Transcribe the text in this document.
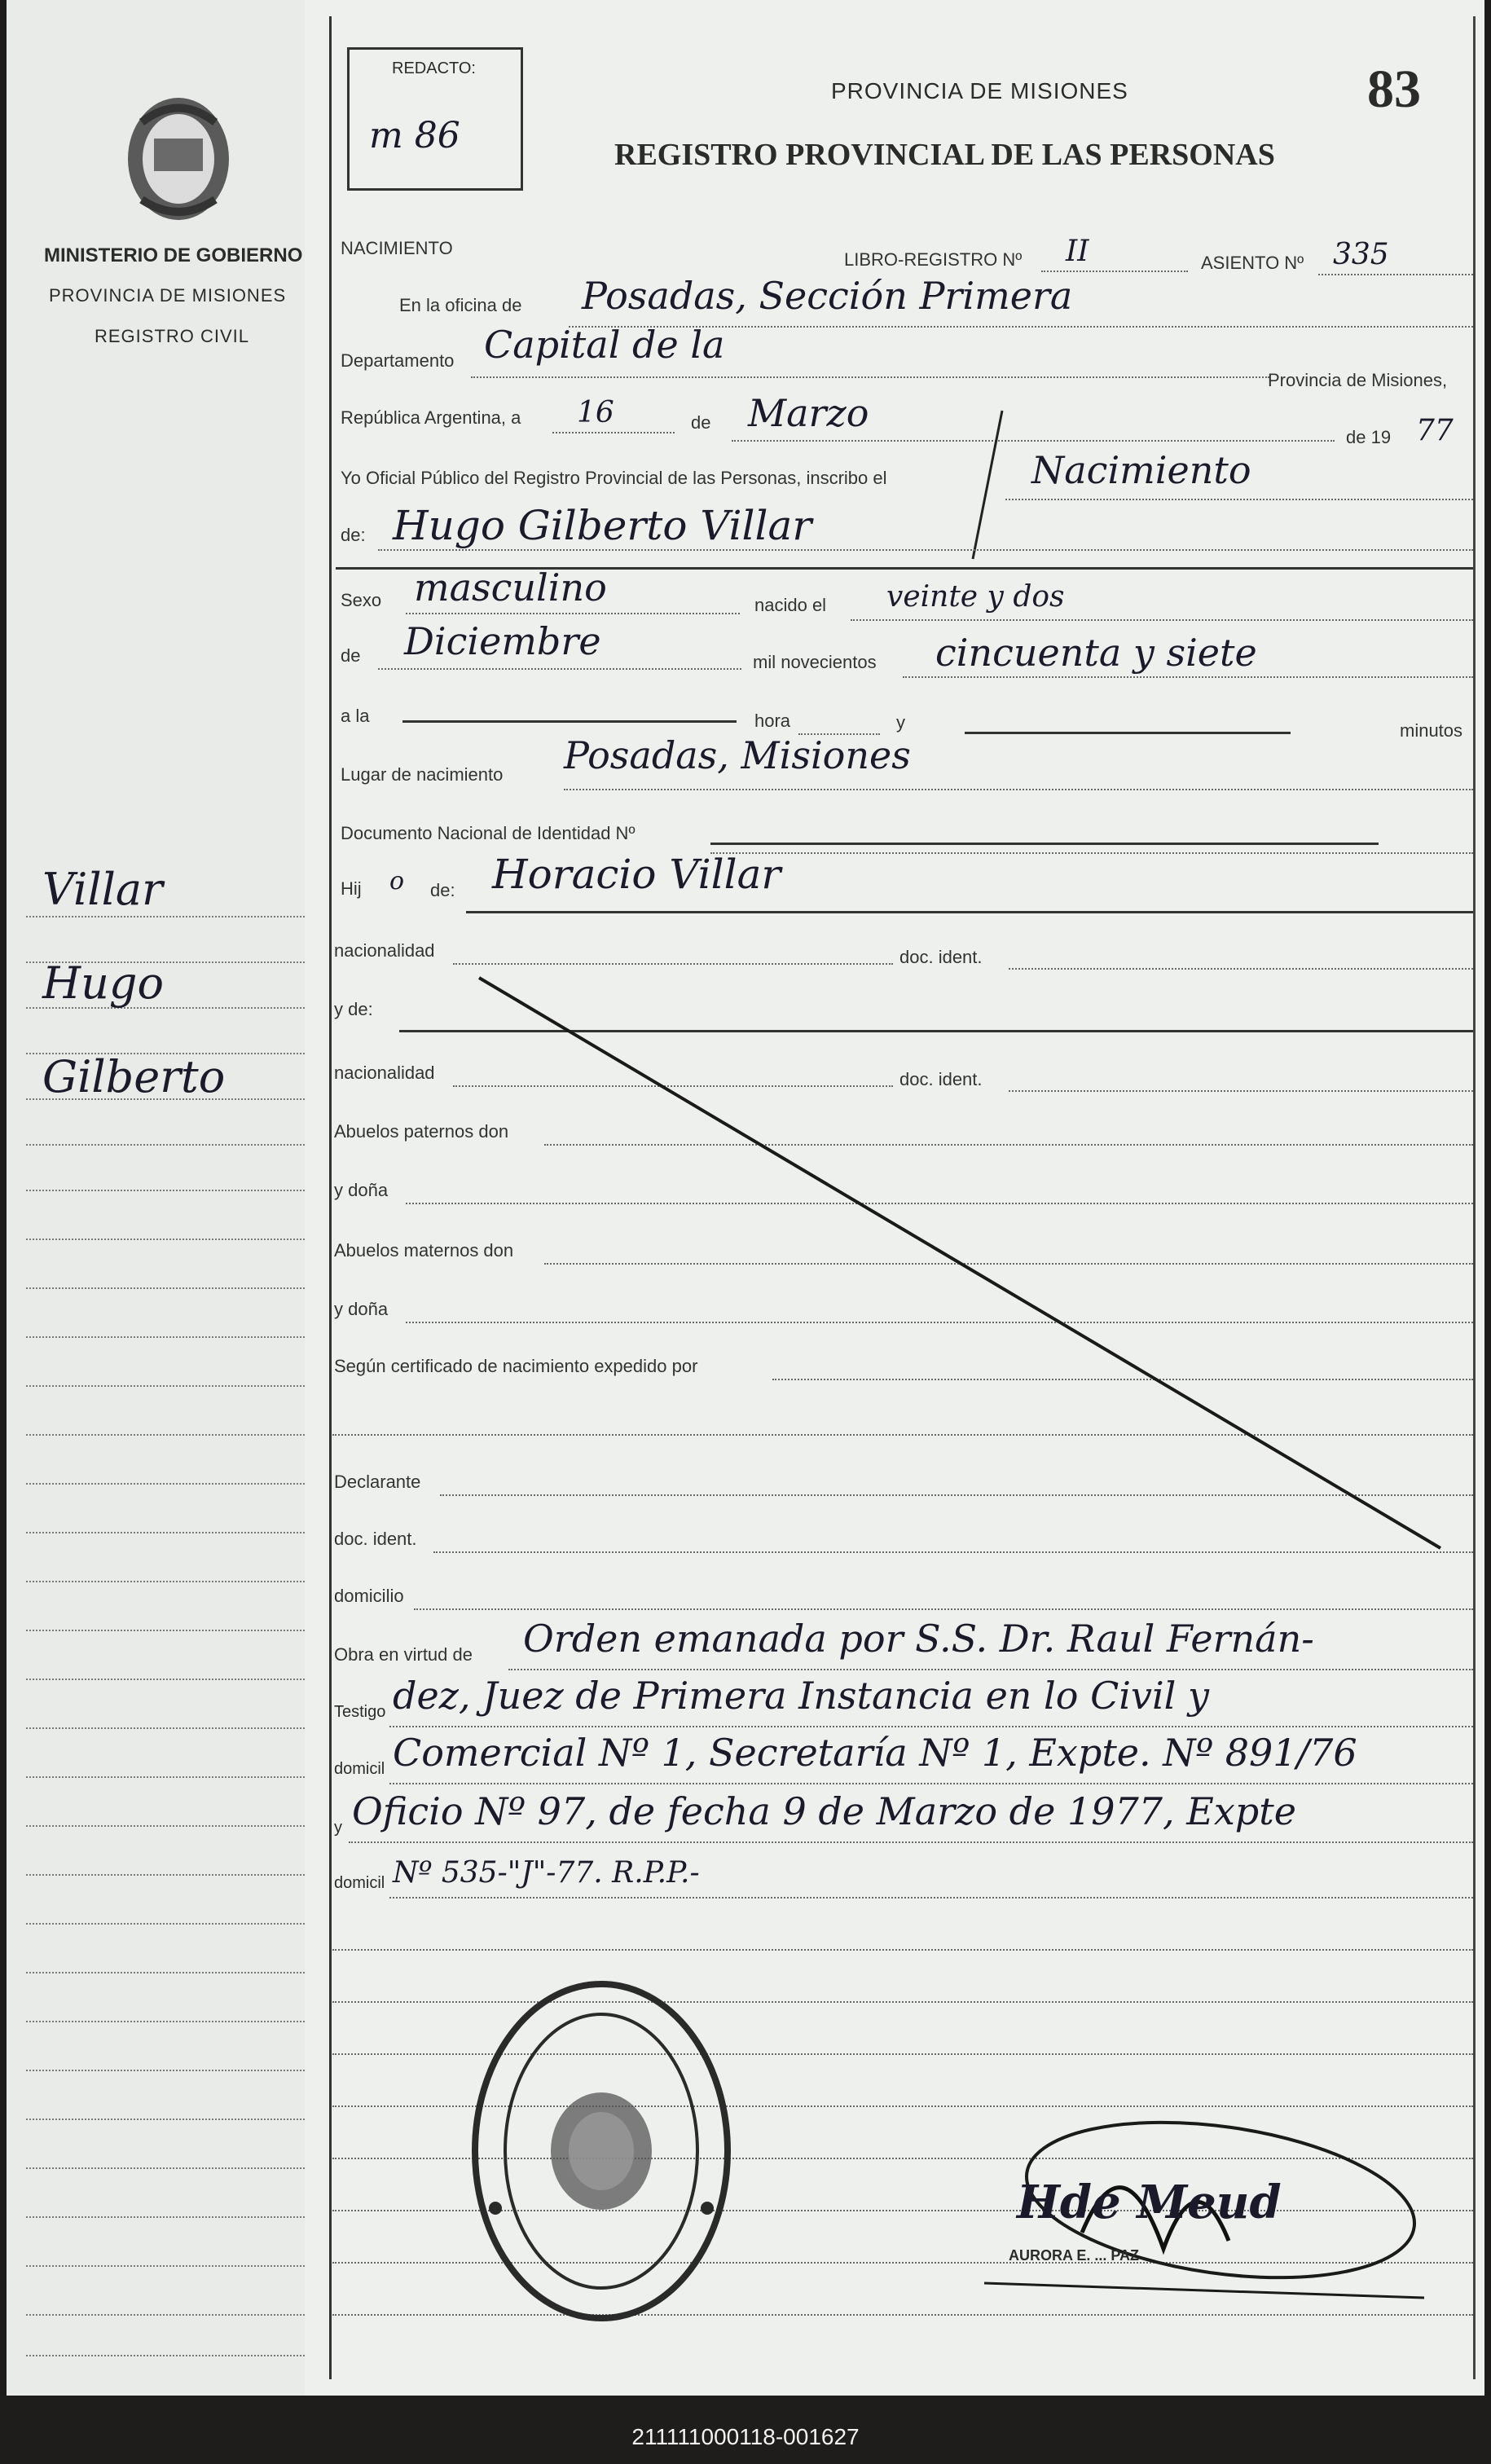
MINISTERIO DE GOBIERNO
PROVINCIA DE MISIONES
REGISTRO CIVIL
Villar
Hugo
Gilberto
REDACTO:
m 86
PROVINCIA DE MISIONES
REGISTRO PROVINCIAL DE LAS PERSONAS
83
NACIMIENTO
LIBRO-REGISTRO Nº II	ASIENTO Nº 335
En la oficina de Posadas, Sección Primera
Departamento Capital de la
Provincia de Misiones,
República Argentina, a 16	de Marzo
de 19 77
Yo Oficial Público del Registro Provincial de las Personas, inscribo el	Nacimiento
de: Hugo Gilberto Villar
Sexo masculino	nacido el veinte y dos
de Diciembre	mil novecientos cincuenta y siete
a la	hora	y	minutos
Lugar de nacimiento Posadas, Misiones
Documento Nacional de Identidad Nº
Hij o de: Horacio Villar
nacionalidad	doc. ident.
y de:
nacionalidad	doc. ident.
Abuelos paternos don
y doña
Abuelos maternos don
y doña
Según certificado de nacimiento expedido por
Declarante
doc. ident.
domicilio
Obra en virtud de Orden emanada por S.S. Dr. Raul Fernán-
Testigo dez, Juez de Primera Instancia en lo Civil y
domicil Comercial Nº 1, Secretaría Nº 1, Expte. Nº 891/76
y Oficio Nº 97, de fecha 9 de Marzo de 1977, Expte
domicil Nº 535-"J"-77. R.P.P.-
Hde Meud
AURORA E. ... PAZ
211111000118-001627
